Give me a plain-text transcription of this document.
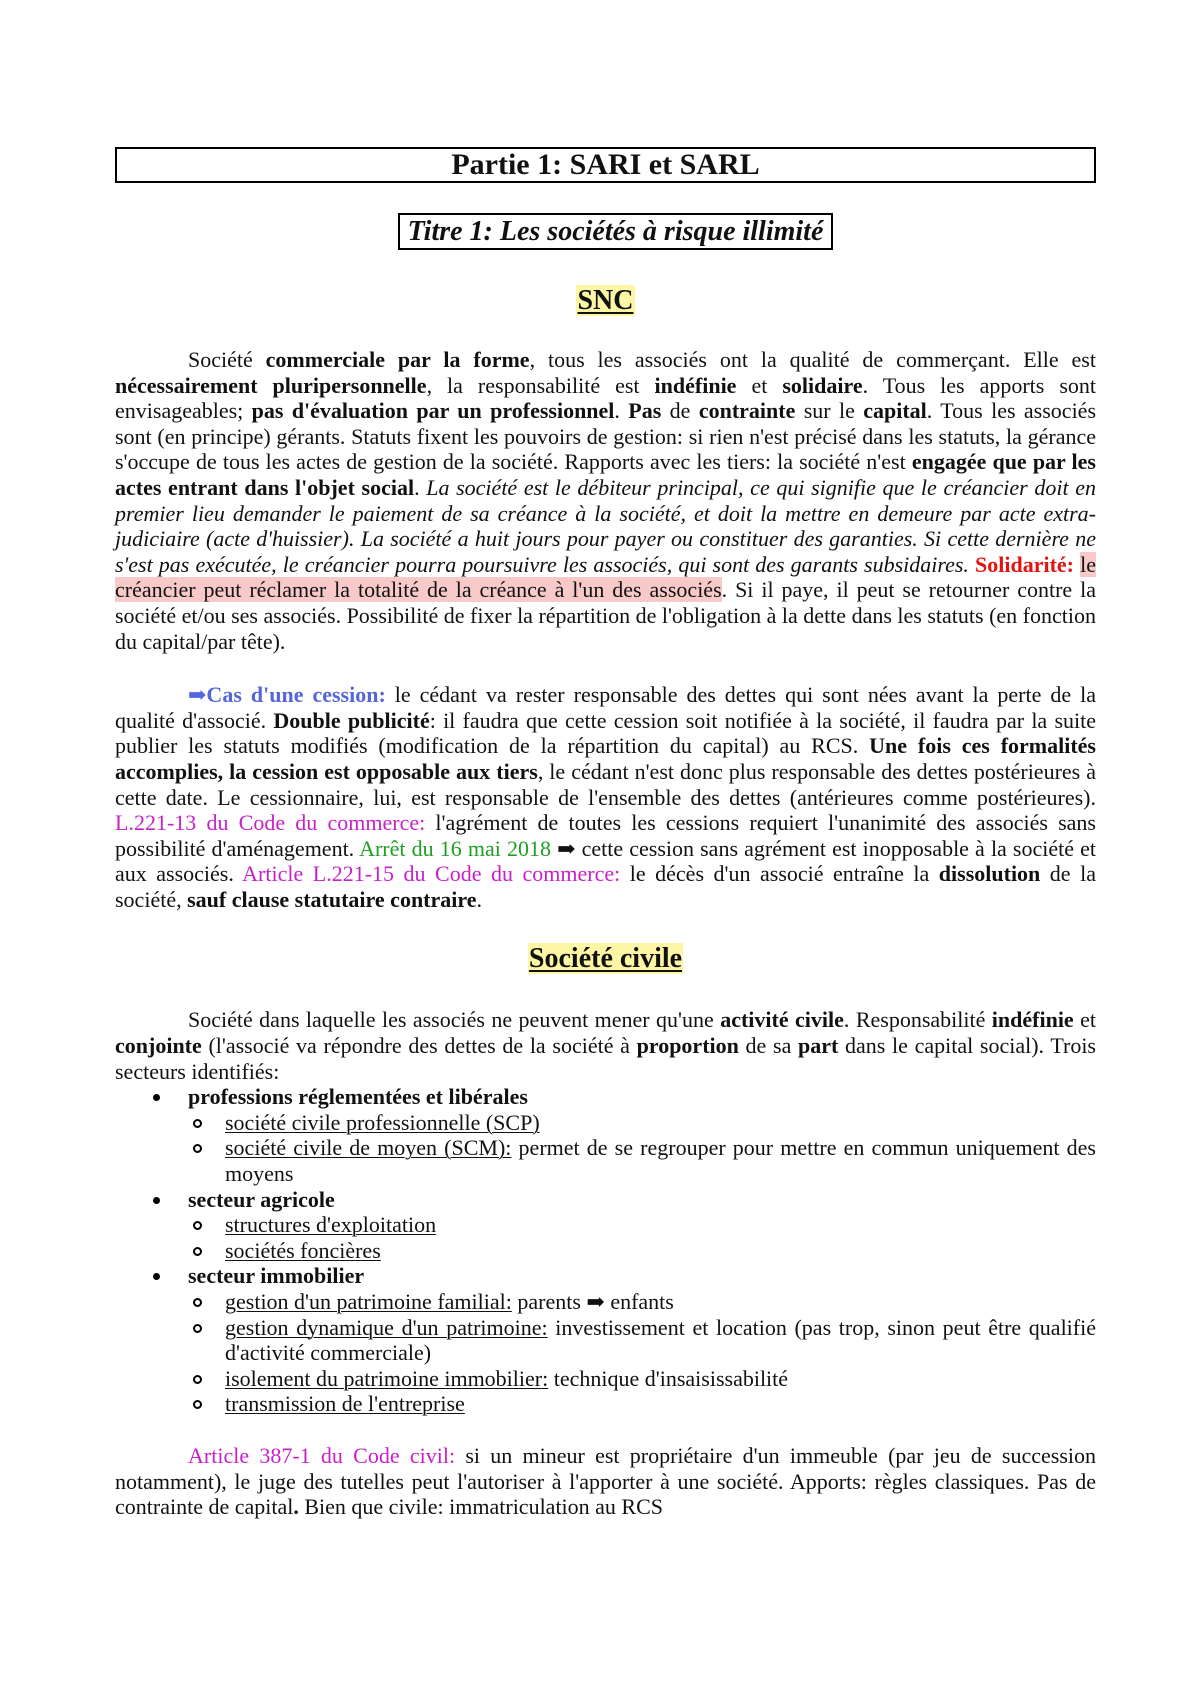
Partie 1: SARI et SARL
Titre 1: Les sociétés à risque illimité
SNC

Société commerciale par la forme, tous les associés ont la qualité de commerçant. Elle est nécessairement pluripersonnelle, la responsabilité est indéfinie et solidaire. Tous les apports sont envisageables; pas d'évaluation par un professionnel. Pas de contrainte sur le capital. Tous les associés sont (en principe) gérants. Statuts fixent les pouvoirs de gestion: si rien n'est précisé dans les statuts, la gérance s'occupe de tous les actes de gestion de la société. Rapports avec les tiers: la société n'est engagée que par les actes entrant dans l'objet social. La société est le débiteur principal, ce qui signifie que le créancier doit en premier lieu demander le paiement de sa créance à la société, et doit la mettre en demeure par acte extra-judiciaire (acte d'huissier). La société a huit jours pour payer ou constituer des garanties. Si cette dernière ne s'est pas exécutée, le créancier pourra poursuivre les associés, qui sont des garants subsidaires. Solidarité: le créancier peut réclamer la totalité de la créance à l'un des associés. Si il paye, il peut se retourner contre la société et/ou ses associés. Possibilité de fixer la répartition de l'obligation à la dette dans les statuts (en fonction du capital/par tête).

➡Cas d'une cession: le cédant va rester responsable des dettes qui sont nées avant la perte de la qualité d'associé. Double publicité: il faudra que cette cession soit notifiée à la société, il faudra par la suite publier les statuts modifiés (modification de la répartition du capital) au RCS. Une fois ces formalités accomplies, la cession est opposable aux tiers, le cédant n'est donc plus responsable des dettes postérieures à cette date. Le cessionnaire, lui, est responsable de l'ensemble des dettes (antérieures comme postérieures). L.221-13 du Code du commerce: l'agrément de toutes les cessions requiert l'unanimité des associés sans possibilité d'aménagement. Arrêt du 16 mai 2018 ➡ cette cession sans agrément est inopposable à la société et aux associés. Article L.221-15 du Code du commerce: le décès d'un associé entraîne la dissolution de la société, sauf clause statutaire contraire.

Société civile

Société dans laquelle les associés ne peuvent mener qu'une activité civile. Responsabilité indéfinie et conjointe (l'associé va répondre des dettes de la société à proportion de sa part dans le capital social). Trois secteurs identifiés:

professions réglementées et libérales
société civile professionnelle (SCP)
société civile de moyen (SCM): permet de se regrouper pour mettre en commun uniquement des moyens
secteur agricole
structures d'exploitation
sociétés foncières
secteur immobilier
gestion d'un patrimoine familial: parents ➡ enfants
gestion dynamique d'un patrimoine: investissement et location (pas trop, sinon peut être qualifié d'activité commerciale)
isolement du patrimoine immobilier: technique d'insaisissabilité
transmission de l'entreprise

Article 387-1 du Code civil: si un mineur est propriétaire d'un immeuble (par jeu de succession notamment), le juge des tutelles peut l'autoriser à l'apporter à une société. Apports: règles classiques. Pas de contrainte de capital. Bien que civile: immatriculation au RCS
